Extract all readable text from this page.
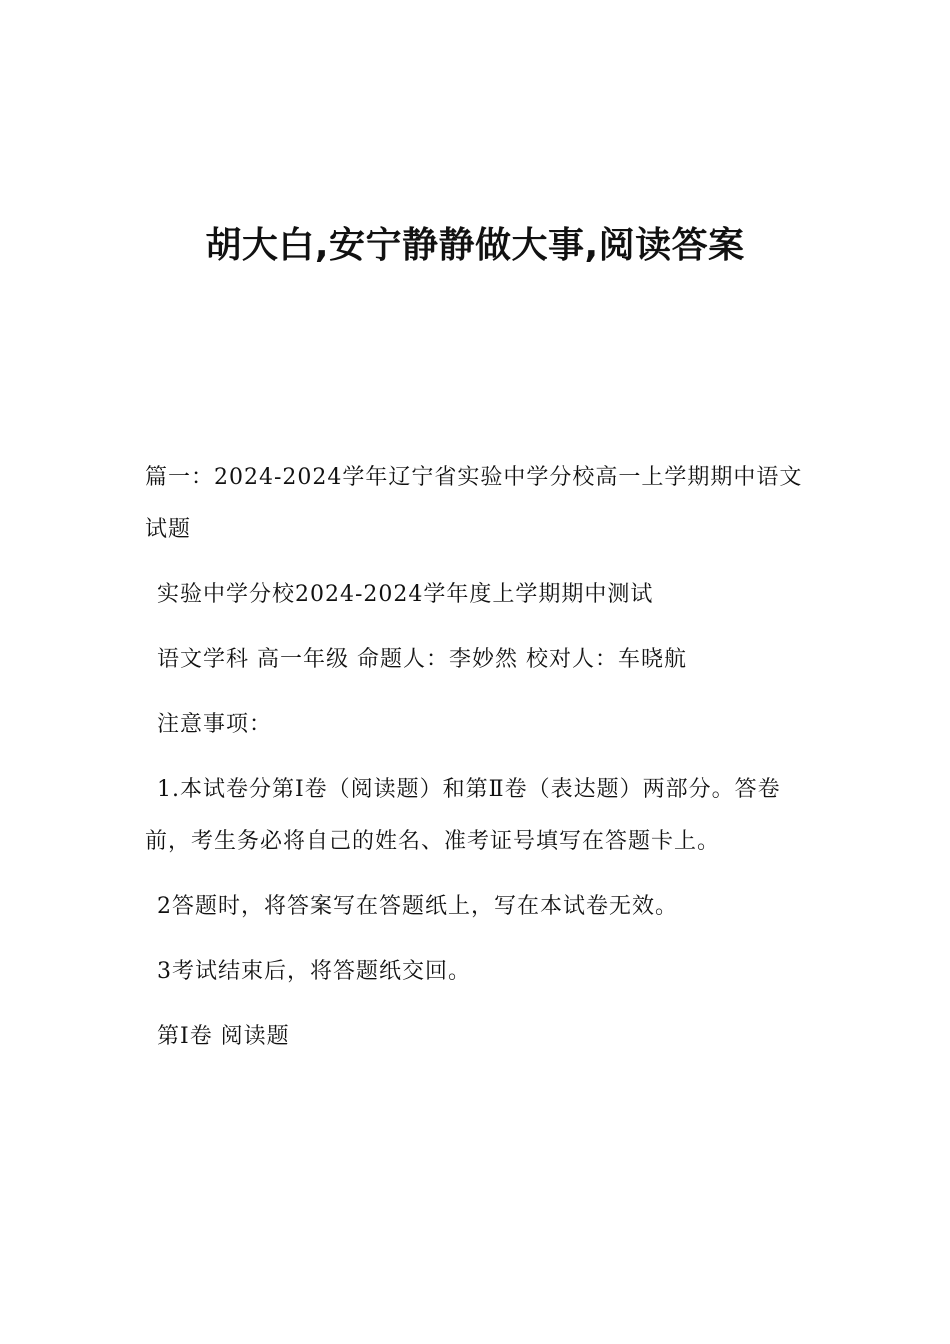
胡大白,安宁静静做大事,阅读答案

篇一：2024-2024学年辽宁省实验中学分校高一上学期期中语文试题

实验中学分校2024-2024学年度上学期期中测试

语文学科 高一年级 命题人：李妙然 校对人：车晓航

注意事项：

1.本试卷分第Ⅰ卷（阅读题）和第Ⅱ卷（表达题）两部分。答卷前，考生务必将自己的姓名、准考证号填写在答题卡上。

2答题时，将答案写在答题纸上，写在本试卷无效。

3考试结束后，将答题纸交回。

第Ⅰ卷 阅读题
